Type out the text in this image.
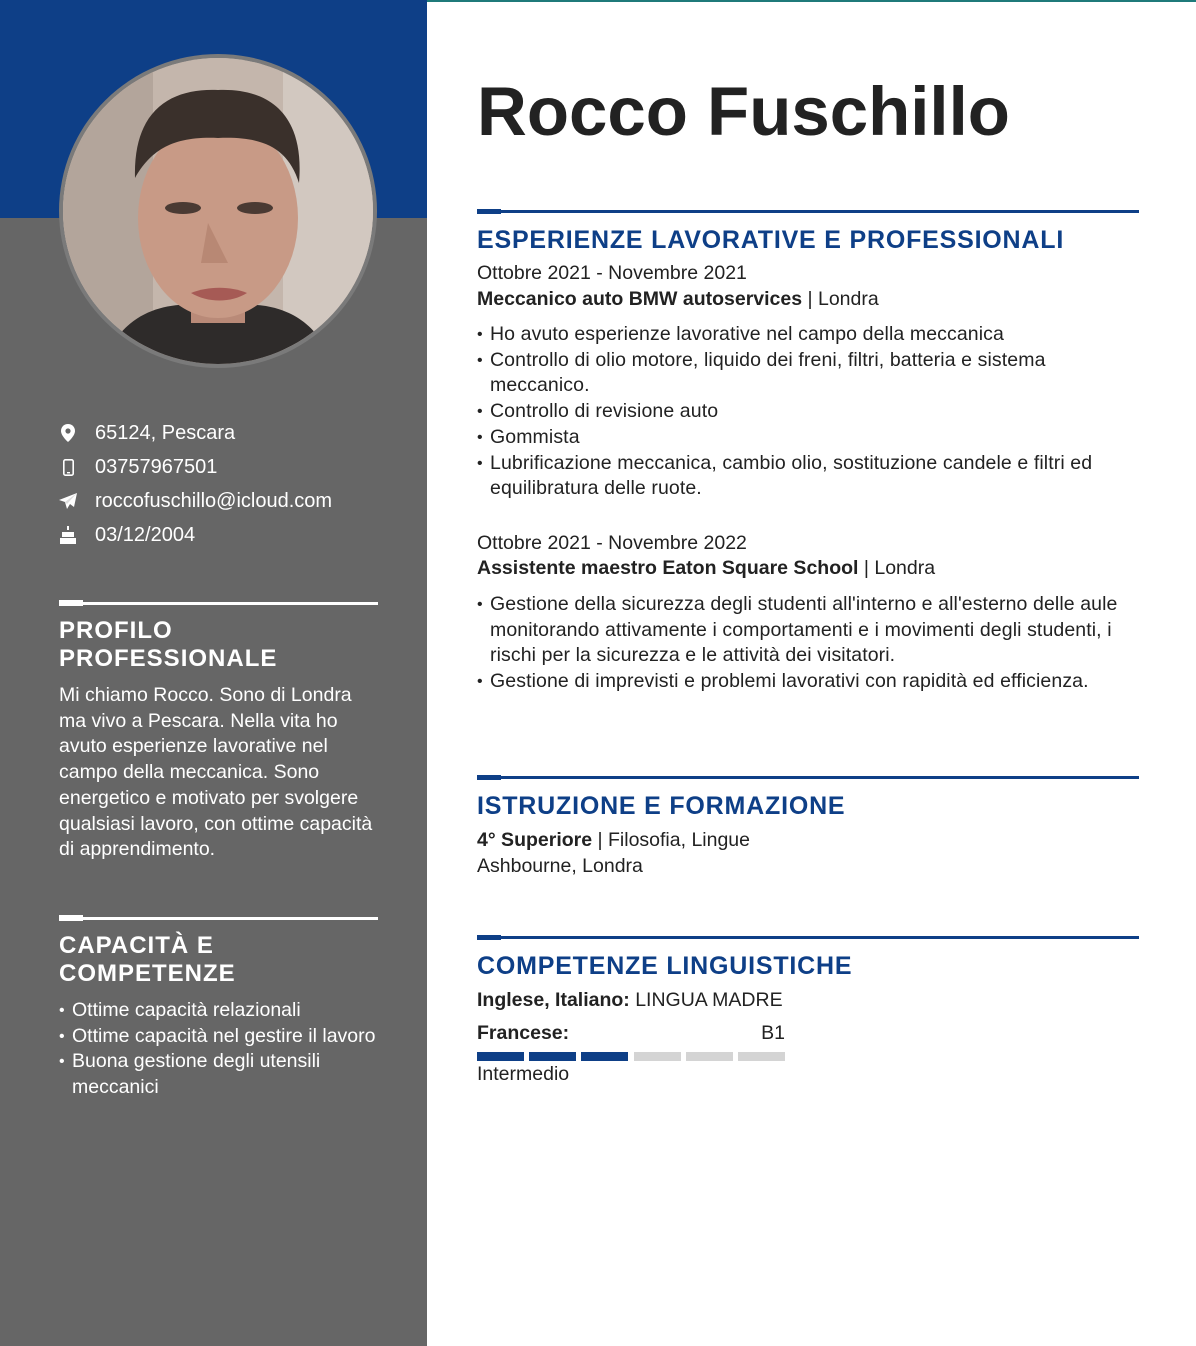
65124, Pescara
03757967501
roccofuschillo@icloud.com
03/12/2004
PROFILO PROFESSIONALE
Mi chiamo Rocco. Sono di Londra ma vivo a Pescara. Nella vita ho avuto esperienze lavorative nel campo della meccanica. Sono energetico e motivato per svolgere qualsiasi lavoro, con ottime capacità di apprendimento.
CAPACITÀ E COMPETENZE
• Ottime capacità relazionali
• Ottime capacità nel gestire il lavoro
• Buona gestione degli utensili meccanici
Rocco Fuschillo
ESPERIENZE LAVORATIVE E PROFESSIONALI
Ottobre 2021 - Novembre 2021
Meccanico auto BMW autoservices | Londra
• Ho avuto esperienze lavorative nel campo della meccanica
• Controllo di olio motore, liquido dei freni, filtri, batteria e sistema meccanico.
• Controllo di revisione auto
• Gommista
• Lubrificazione meccanica, cambio olio, sostituzione candele e filtri ed equilibratura delle ruote.
Ottobre 2021 - Novembre 2022
Assistente maestro Eaton Square School | Londra
• Gestione della sicurezza degli studenti all'interno e all'esterno delle aule monitorando attivamente i comportamenti e i movimenti degli studenti, i rischi per la sicurezza e le attività dei visitatori.
• Gestione di imprevisti e problemi lavorativi con rapidità ed efficienza.
ISTRUZIONE E FORMAZIONE
4° Superiore | Filosofia, Lingue
Ashbourne, Londra
COMPETENZE LINGUISTICHE
Inglese, Italiano: LINGUA MADRE
Francese:	B1
Intermedio
